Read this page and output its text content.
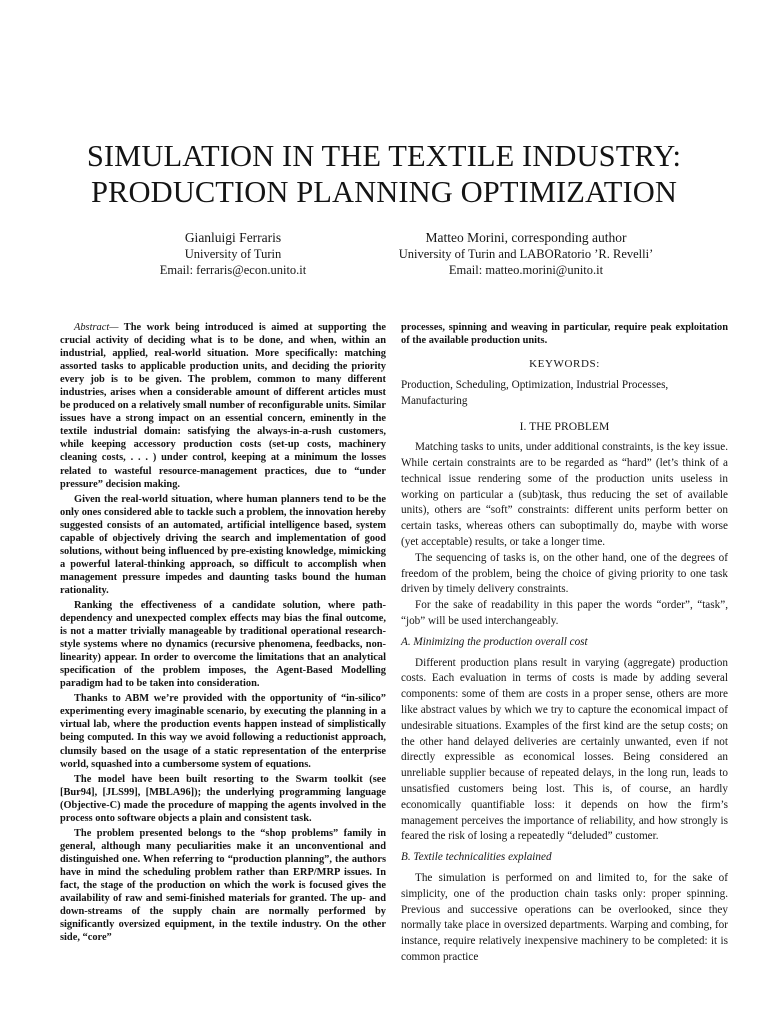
SIMULATION IN THE TEXTILE INDUSTRY:
PRODUCTION PLANNING OPTIMIZATION
Gianluigi Ferraris
University of Turin
Email: ferraris@econ.unito.it
Matteo Morini, corresponding author
University of Turin and LABORatorio ’R. Revelli’
Email: matteo.morini@unito.it

Abstract— The work being introduced is aimed at supporting the crucial activity of deciding what is to be done, and when, within an industrial, applied, real-world situation. More specifically: matching assorted tasks to applicable production units, and deciding the priority every job is to be given. The problem, common to many different industries, arises when a considerable amount of different articles must be produced on a relatively small number of reconfigurable units. Similar issues have a strong impact on an essential concern, eminently in the textile industrial domain: satisfying the always-in-a-rush customers, while keeping accessory production costs (set-up costs, machinery cleaning costs, . . . ) under control, keeping at a minimum the losses related to wasteful resource-management practices, due to “under pressure” decision making.

Given the real-world situation, where human planners tend to be the only ones considered able to tackle such a problem, the innovation hereby suggested consists of an automated, artificial intelligence based, system capable of objectively driving the search and implementation of good solutions, without being influenced by pre-existing knowledge, mimicking a powerful lateral-thinking approach, so difficult to accomplish when management pressure impedes and daunting tasks bound the human rationality.

Ranking the effectiveness of a candidate solution, where path-dependency and unexpected complex effects may bias the final outcome, is not a matter trivially manageable by traditional operational research-style systems where no dynamics (recursive phenomena, feedbacks, non-linearity) appear. In order to overcome the limitations that an analytical specification of the problem imposes, the Agent-Based Modelling paradigm had to be taken into consideration.

Thanks to ABM we’re provided with the opportunity of “in-silico” experimenting every imaginable scenario, by executing the planning in a virtual lab, where the production events happen instead of simplistically being computed. In this way we avoid following a reductionist approach, clumsily based on the usage of a static representation of the enterprise world, squashed into a cumbersome system of equations.

The model have been built resorting to the Swarm toolkit (see [Bur94], [JLS99], [MBLA96]); the underlying programming language (Objective-C) made the procedure of mapping the agents involved in the process onto software objects a plain and consistent task.

The problem presented belongs to the “shop problems” family in general, although many peculiarities make it an unconventional and distinguished one. When referring to “production planning”, the authors have in mind the scheduling problem rather than ERP/MRP issues. In fact, the stage of the production on which the work is focused gives the availability of raw and semi-finished materials for granted. The up- and down-streams of the supply chain are normally performed by significantly oversized equipment, in the textile industry. On the other side, “core”

processes, spinning and weaving in particular, require peak exploitation of the available production units.

KEYWORDS:

Production, Scheduling, Optimization, Industrial Processes, Manufacturing

I. THE PROBLEM

Matching tasks to units, under additional constraints, is the key issue. While certain constraints are to be regarded as “hard” (let’s think of a technical issue rendering some of the production units useless in working on particular a (sub)task, thus reducing the set of available units), others are “soft” constraints: different units perform better on certain tasks, whereas others can suboptimally do, maybe with worse (yet acceptable) results, or take a longer time.

The sequencing of tasks is, on the other hand, one of the degrees of freedom of the problem, being the choice of giving priority to one task driven by timely delivery constraints.

For the sake of readability in this paper the words “order”, “task”, “job” will be used interchangeably.

A. Minimizing the production overall cost

Different production plans result in varying (aggregate) production costs. Each evaluation in terms of costs is made by adding several components: some of them are costs in a proper sense, others are more like abstract values by which we try to capture the economical impact of undesirable situations. Examples of the first kind are the setup costs; on the other hand delayed deliveries are certainly unwanted, even if not directly expressible as economical losses. Being considered an unreliable supplier because of repeated delays, in the long run, leads to unsatisfied customers being lost. This is, of course, an hardly economically quantifiable loss: it depends on how the firm’s management perceives the importance of reliability, and how strongly is feared the risk of losing a repeatedly “deluded” customer.

B. Textile technicalities explained

The simulation is performed on and limited to, for the sake of simplicity, one of the production chain tasks only: proper spinning. Previous and successive operations can be overlooked, since they normally take place in oversized departments. Warping and combing, for instance, require relatively inexpensive machinery to be completed: it is common practice
